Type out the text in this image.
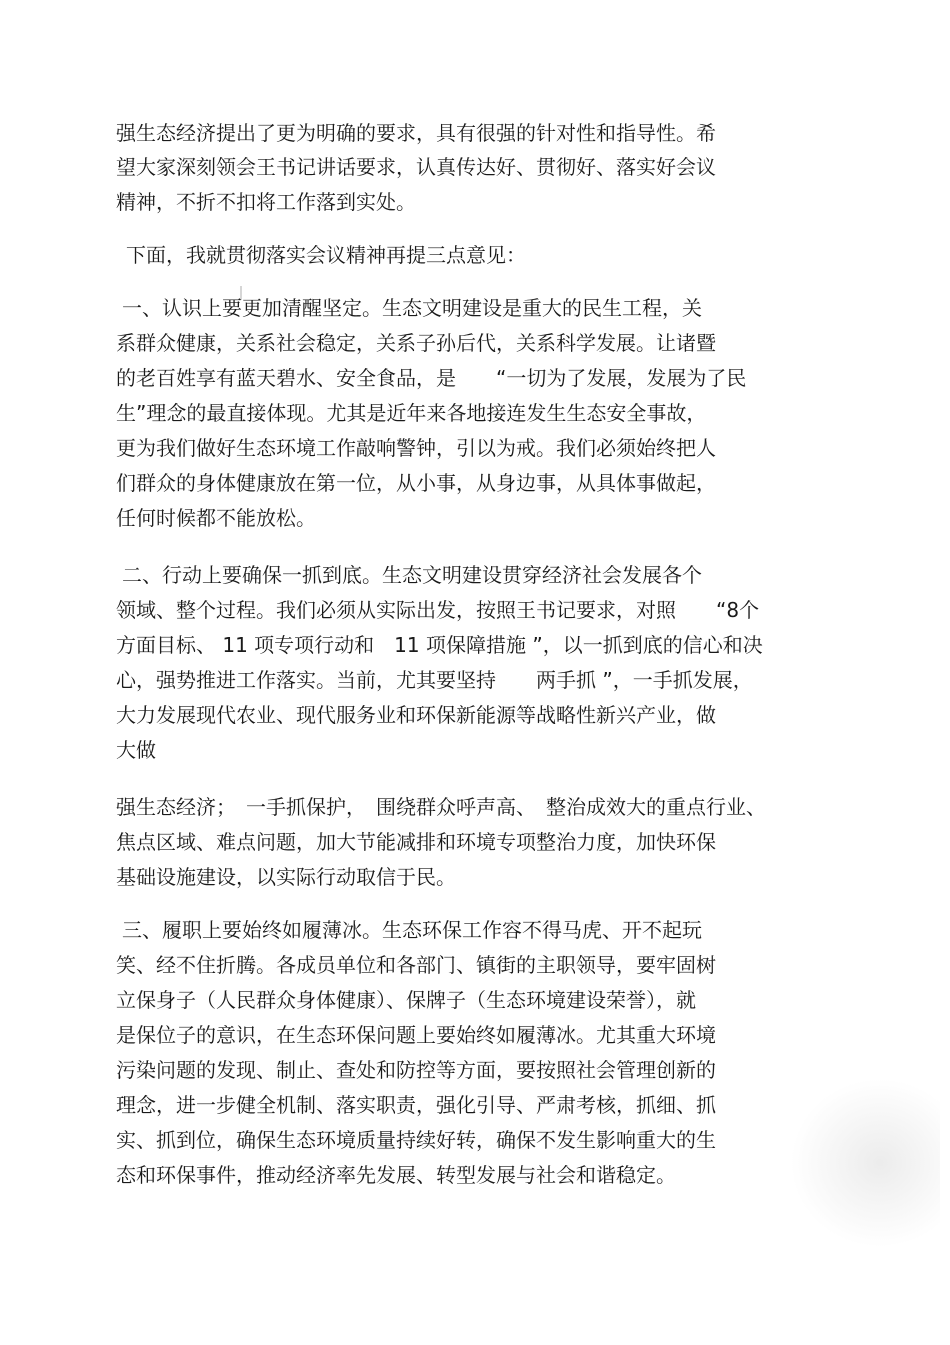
强生态经济提出了更为明确的要求，具有很强的针对性和指导性。希

望大家深刻领会王书记讲话要求，认真传达好、贯彻好、落实好会议

精神，不折不扣将工作落到实处。

下面，我就贯彻落实会议精神再提三点意见：

一、认识上要更加清醒坚定。生态文明建设是重大的民生工程，关

系群众健康，关系社会稳定，关系子孙后代，关系科学发展。让诸暨

的老百姓享有蓝天碧水、安全食品，是　　“一切为了发展，发展为了民

生”理念的最直接体现。尤其是近年来各地接连发生生态安全事故，

更为我们做好生态环境工作敲响警钟，引以为戒。我们必须始终把人

们群众的身体健康放在第一位，从小事，从身边事，从具体事做起，

任何时候都不能放松。

二、行动上要确保一抓到底。生态文明建设贯穿经济社会发展各个

领域、整个过程。我们必须从实际出发，按照王书记要求，对照　　“8个

方面目标、 11 项专项行动和　11 项保障措施 ”，以一抓到底的信心和决

心，强势推进工作落实。当前，尤其要坚持　　两手抓 ”，一手抓发展，

大力发展现代农业、现代服务业和环保新能源等战略性新兴产业，做

大做

强生态经济；　一手抓保护，　围绕群众呼声高、　整治成效大的重点行业、

焦点区域、难点问题，加大节能减排和环境专项整治力度，加快环保

基础设施建设，以实际行动取信于民。

三、履职上要始终如履薄冰。生态环保工作容不得马虎、开不起玩

笑、经不住折腾。各成员单位和各部门、镇街的主职领导，要牢固树

立保身子（人民群众身体健康）、保牌子（生态环境建设荣誉），就

是保位子的意识，在生态环保问题上要始终如履薄冰。尤其重大环境

污染问题的发现、制止、查处和防控等方面，要按照社会管理创新的

理念，进一步健全机制、落实职责，强化引导、严肃考核，抓细、抓

实、抓到位，确保生态环境质量持续好转，确保不发生影响重大的生

态和环保事件，推动经济率先发展、转型发展与社会和谐稳定。
